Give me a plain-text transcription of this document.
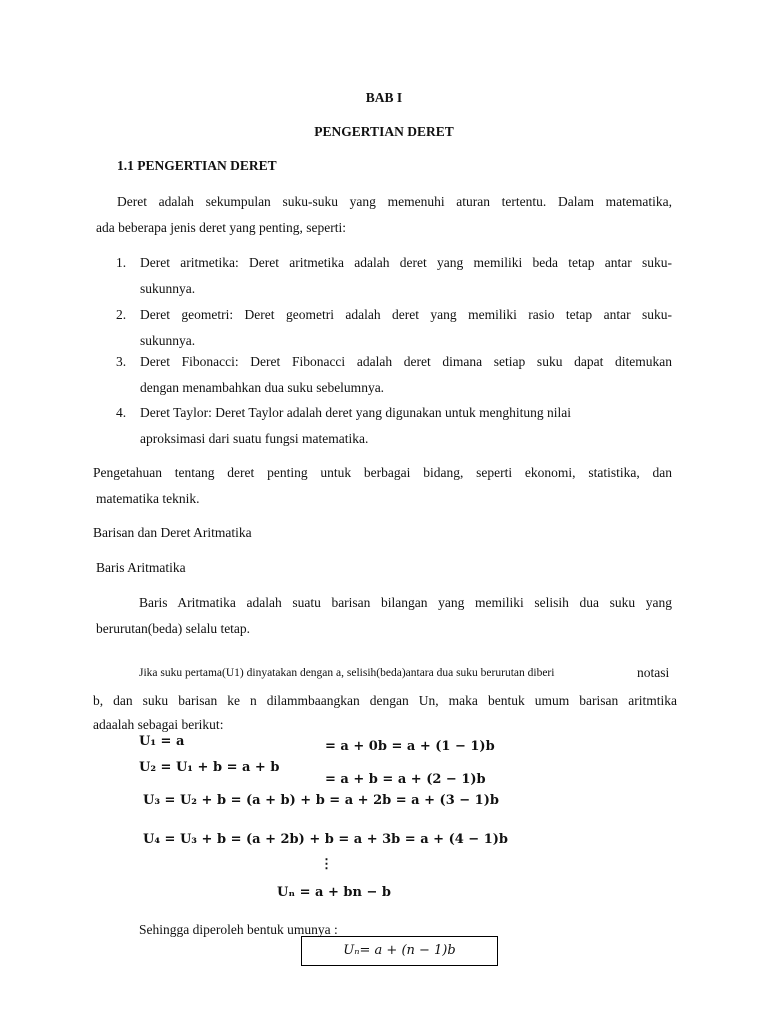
BAB I
PENGERTIAN DERET
1.1 PENGERTIAN DERET
Deret adalah sekumpulan suku-suku yang memenuhi aturan tertentu. Dalam matematika,
ada beberapa jenis deret yang penting, seperti:
1. Deret aritmetika: Deret aritmetika adalah deret yang memiliki beda tetap antar suku-
sukunnya.
2. Deret geometri: Deret geometri adalah deret yang memiliki rasio tetap antar suku-
sukunnya.
3. Deret Fibonacci: Deret Fibonacci adalah deret dimana setiap suku dapat ditemukan
dengan menambahkan dua suku sebelumnya.
4. Deret Taylor: Deret Taylor adalah deret yang digunakan untuk menghitung nilai
aproksimasi dari suatu fungsi matematika.
Pengetahuan tentang deret penting untuk berbagai bidang, seperti ekonomi, statistika, dan
matematika teknik.
Barisan dan Deret Aritmatika
Baris Aritmatika
Baris Aritmatika adalah suatu barisan bilangan yang memiliki selisih dua suku yang
berurutan(beda) selalu tetap.
Jika suku pertama(U1) dinyatakan dengan a, selisih(beda)antara dua suku berurutan diberi	notasi
b, dan suku barisan ke n dilammbaangkan dengan Un, maka bentuk umum barisan aritmtika
adaalah sebagai berikut:
U₁ = a	= a + 0b = a + (1 − 1)b
U₂ = U₁ + b = a + b
= a + b = a + (2 − 1)b
U₃ = U₂ + b = (a + b) + b = a + 2b = a + (3 − 1)b
U₄ = U₃ + b = (a + 2b) + b = a + 3b = a + (4 − 1)b
⋮
Uₙ = a + bn − b
Sehingga diperoleh bentuk umunya :
Uₙ= a + (n − 1)b
